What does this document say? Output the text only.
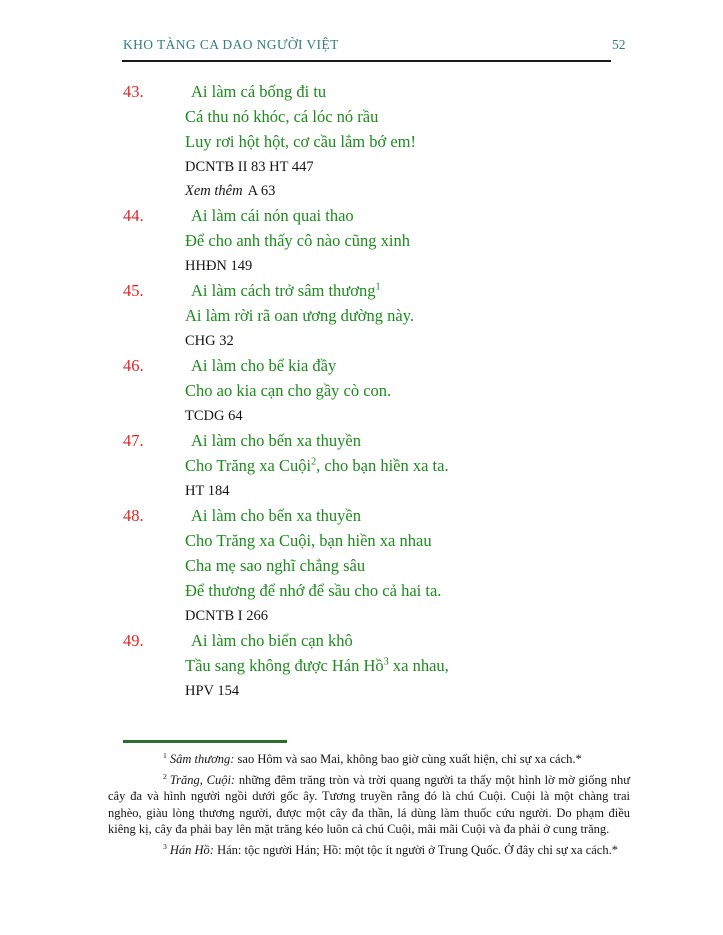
KHO TÀNG CA DAO NGƯỜI VIỆT	52
43.	Ai làm cá bống đi tu
Cá thu nó khóc, cá lóc nó rầu
Luy rơi hột hột, cơ cầu lắm bớ em!
DCNTB II 83 HT 447
Xem thêm A 63
44.	Ai làm cái nón quai thao
Để cho anh thấy cô nào cũng xinh
HHĐN 149
45.	Ai làm cách trở sâm thương$^1$
Ai làm rời rã oan ương dường này.
CHG 32
46.	Ai làm cho bể kia đầy
Cho ao kia cạn cho gầy cò con.
TCDG 64
47.	Ai làm cho bến xa thuyền
Cho Trăng xa Cuội$^2$, cho bạn hiền xa ta.
HT 184
48.	Ai làm cho bến xa thuyền
Cho Trăng xa Cuội, bạn hiền xa nhau
Cha mẹ sao nghĩ chẳng sâu
Để thương để nhớ để sầu cho cả hai ta.
DCNTB I 266
49.	Ai làm cho biển cạn khô
Tầu sang không được Hán Hồ$^3$ xa nhau,
HPV 154

$^1$ Sâm thương: sao Hôm và sao Mai, không bao giờ cùng xuất hiện, chỉ sự xa cách.*

$^2$ Trăng, Cuội: những đêm trăng tròn và trời quang người ta thấy một hình lờ mờ giống như cây đa và hình người ngồi dưới gốc ây. Tương truyền rằng đó là chú Cuội. Cuội là một chàng trai nghèo, giàu lòng thương người, được một cây đa thần, lá dùng làm thuốc cứu người. Do phạm điều kiêng kị, cây đa phải bay lên mặt trăng kéo luôn cả chú Cuội, mãi mãi Cuội và đa phải ở cung trăng.

$^3$ Hán Hồ: Hán: tộc người Hán; Hồ: một tộc ít người ở Trung Quốc. Ở đây chỉ sự xa cách.*
